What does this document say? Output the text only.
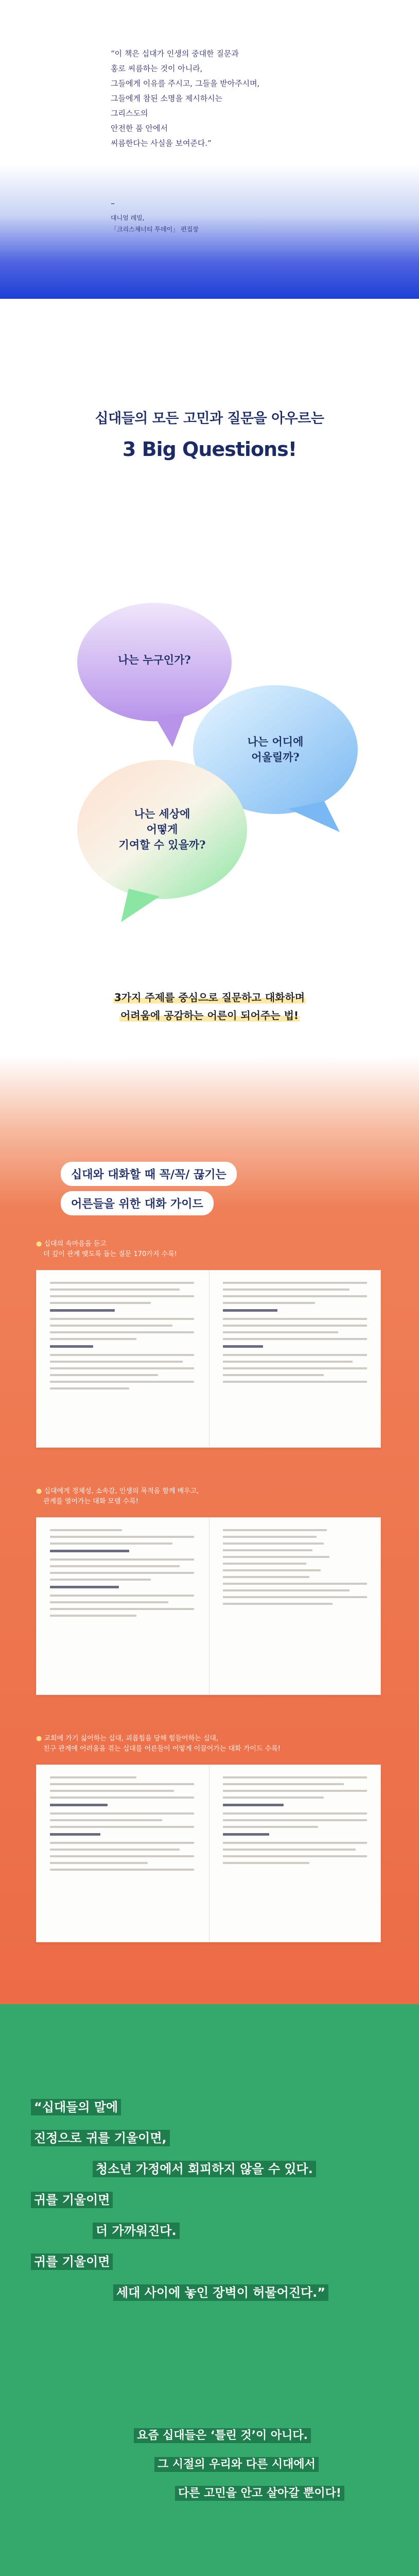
“이 책은 십대가 인생의 중대한 질문과
홍로 씨름하는 것이 아니라,
그들에게 이유를 주시고, 그들을 받아주시며,
그들에게 참된 소명을 제시하시는
그리스도의
안전한 품 안에서
씨름한다는 사실을 보여준다.”
–
대니얼 레빌,
「크리스채너티 투데이」 편집장
십대들의 모든 고민과 질문을 아우르는
3 Big Questions!
나는 누구인가?
나는 어디에
어울릴까?
나는 세상에
어떻게
기여할 수 있을까?
3가지 주제를 중심으로 질문하고 대화하며
어려움에 공감하는 어른이 되어주는 법!
십대와 대화할 때 꼭/꼭/ 끊기는
어른들을 위한 대화 가이드
● 십대의 속마음을 듣고
더 깊이 관계 맺도록 돕는 질문 170가지 수록!
● 십대에게 정체성, 소속감, 인생의 목적을 함께 배우고,
관계를 열어가는 대화 모델 수록!
● 교회에 가기 싫어하는 십대, 괴롭힘을 당해 힘들어하는 십대,
친구 관계에 어려움을 겪는 십대를 어른들이 어떻게 이끌어가는 대화 가이드 수록!
“십대들의 말에
진정으로 귀를 기울이면,
청소년 가정에서 회피하지 않을 수 있다.
귀를 기울이면
더 가까워진다.
귀를 기울이면
세대 사이에 놓인 장벽이 허물어진다.”
요즘 십대들은 ‘틀린 것’이 아니다.
그 시절의 우리와 다른 시대에서
다른 고민을 안고 살아갈 뿐이다!
